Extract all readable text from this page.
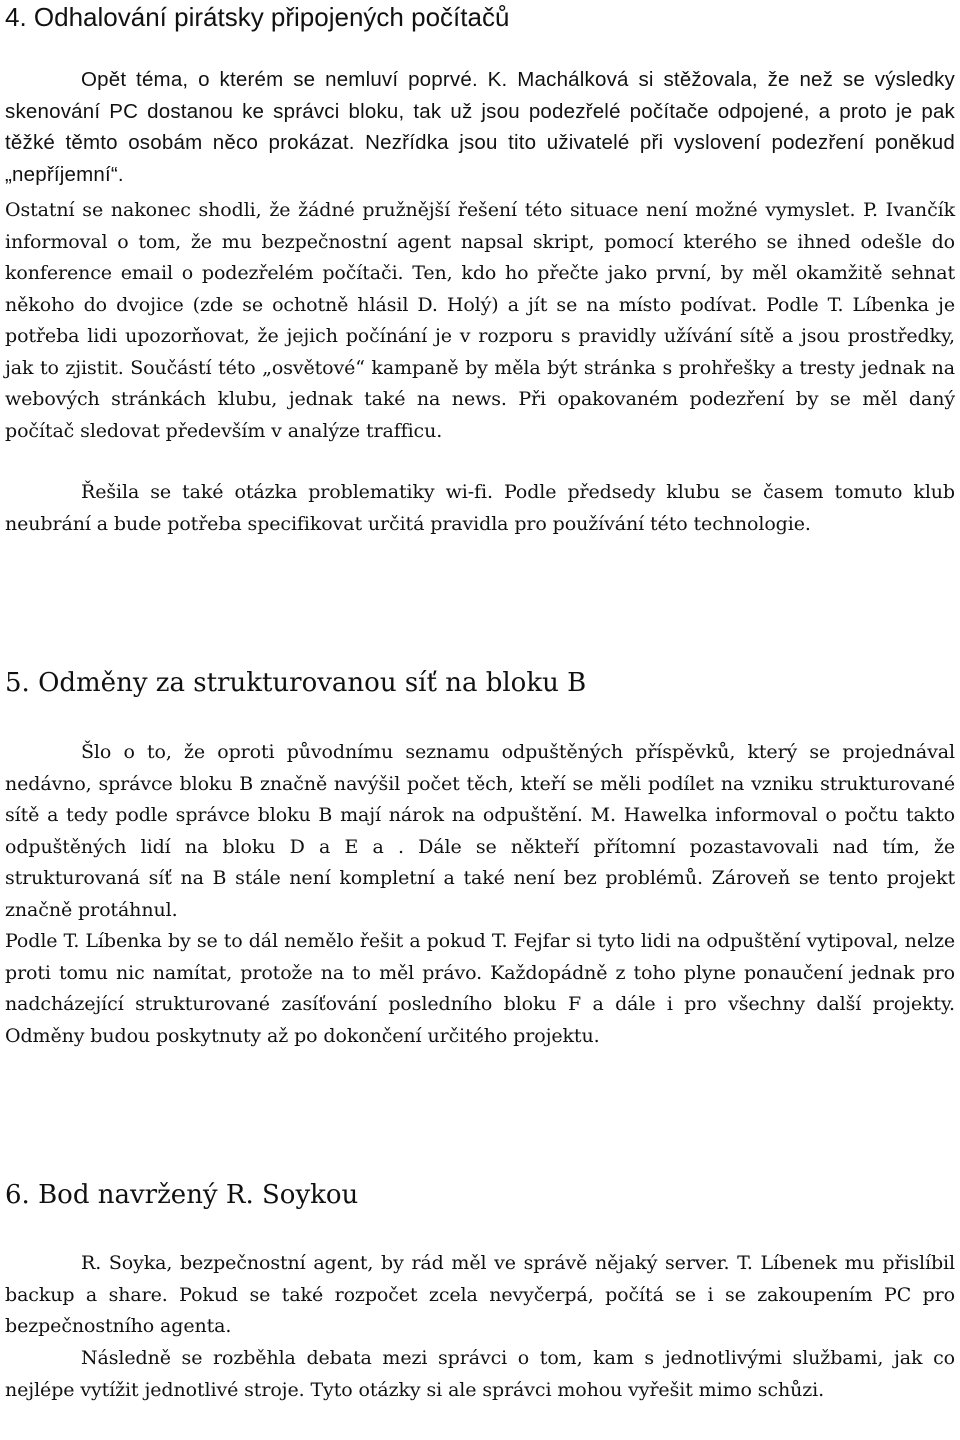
4. Odhalování pirátsky připojených počítačů

Opět téma, o kterém se nemluví poprvé. K. Machálková si stěžovala, že než se výsledky skenování PC dostanou ke správci bloku, tak už jsou podezřelé počítače odpojené, a proto je pak těžké těmto osobám něco prokázat. Nezřídka jsou tito uživatelé při vyslovení podezření poněkud „nepříjemní“.

Ostatní se nakonec shodli, že žádné pružnější řešení této situace není možné vymyslet. P. Ivančík informoval o tom, že mu bezpečnostní agent napsal skript, pomocí kterého se ihned odešle do konference email o podezřelém počítači. Ten, kdo ho přečte jako první, by měl okamžitě sehnat někoho do dvojice (zde se ochotně hlásil D. Holý) a jít se na místo podívat. Podle T. Líbenka je potřeba lidi upozorňovat, že jejich počínání je v rozporu s pravidly užívání sítě a jsou prostředky, jak to zjistit. Součástí této „osvětové“ kampaně by měla být stránka s prohřešky a tresty jednak na webových stránkách klubu, jednak také na news. Při opakovaném podezření by se měl daný počítač sledovat především v analýze trafficu.

Řešila se také otázka problematiky wi-fi. Podle předsedy klubu se časem tomuto klub neubrání a bude potřeba specifikovat určitá pravidla pro používání této technologie.

5. Odměny za strukturovanou síť na bloku B

Šlo o to, že oproti původnímu seznamu odpuštěných příspěvků, který se projednával nedávno, správce bloku B značně navýšil počet těch, kteří se měli podílet na vzniku strukturované sítě a tedy podle správce bloku B mají nárok na odpuštění. M. Hawelka informoval o počtu takto odpuštěných lidí na bloku D a E a . Dále se někteří přítomní pozastavovali nad tím, že strukturovaná síť na B stále není kompletní a také není bez problémů. Zároveň se tento projekt značně protáhnul.

Podle T. Líbenka by se to dál nemělo řešit a pokud T. Fejfar si tyto lidi na odpuštění vytipoval, nelze proti tomu nic namítat, protože na to měl právo. Každopádně z toho plyne ponaučení jednak pro nadcházející strukturované zasíťování posledního bloku F a dále i pro všechny další projekty. Odměny budou poskytnuty až po dokončení určitého projektu.

6. Bod navržený R. Soykou

R. Soyka, bezpečnostní agent, by rád měl ve správě nějaký server. T. Líbenek mu přislíbil backup a share. Pokud se také rozpočet zcela nevyčerpá, počítá se i se zakoupením PC pro bezpečnostního agenta.

Následně se rozběhla debata mezi správci o tom, kam s jednotlivými službami, jak co nejlépe vytížit jednotlivé stroje. Tyto otázky si ale správci mohou vyřešit mimo schůzi.
